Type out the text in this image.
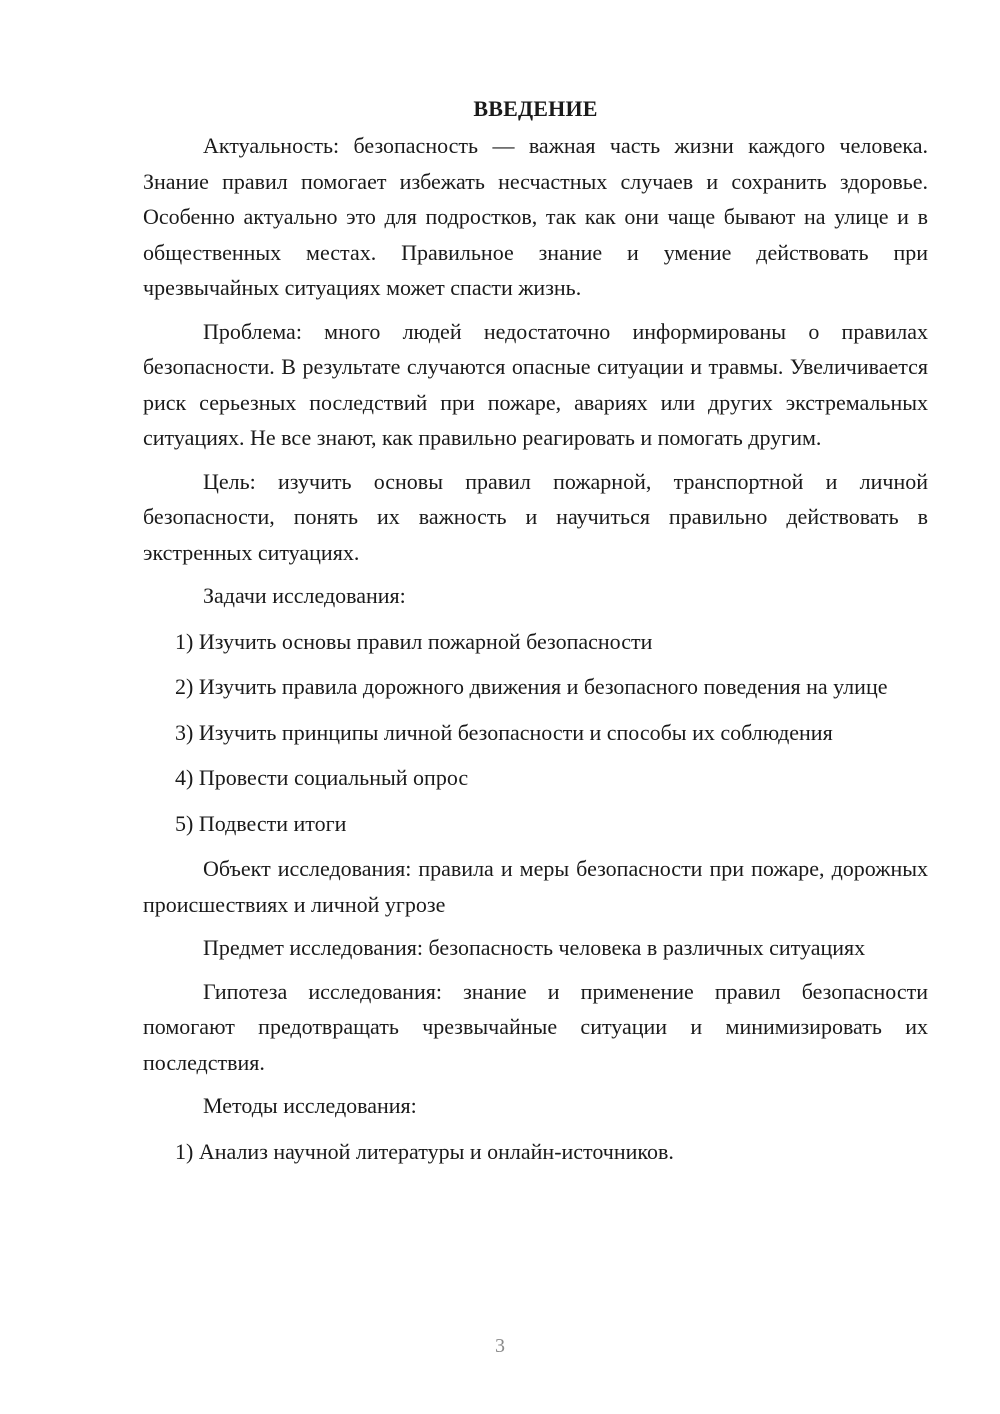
ВВЕДЕНИЕ

Актуальность: безопасность — важная часть жизни каждого человека. Знание правил помогает избежать несчастных случаев и сохранить здоровье. Особенно актуально это для подростков, так как они чаще бывают на улице и в общественных местах. Правильное знание и умение действовать при чрезвычайных ситуациях может спасти жизнь.

Проблема: много людей недостаточно информированы о правилах безопасности. В результате случаются опасные ситуации и травмы. Увеличивается риск серьезных последствий при пожаре, авариях или других экстремальных ситуациях. Не все знают, как правильно реагировать и помогать другим.

Цель: изучить основы правил пожарной, транспортной и личной безопасности, понять их важность и научиться правильно действовать в экстренных ситуациях.

Задачи исследования:

1) Изучить основы правил пожарной безопасности

2) Изучить правила дорожного движения и безопасного поведения на улице

3) Изучить принципы личной безопасности и способы их соблюдения

4) Провести социальный опрос

5) Подвести итоги

Объект исследования: правила и меры безопасности при пожаре, дорожных происшествиях и личной угрозе

Предмет исследования: безопасность человека в различных ситуациях

Гипотеза исследования: знание и применение правил безопасности помогают предотвращать чрезвычайные ситуации и минимизировать их последствия.

Методы исследования:

1) Анализ научной литературы и онлайн-источников.

3
